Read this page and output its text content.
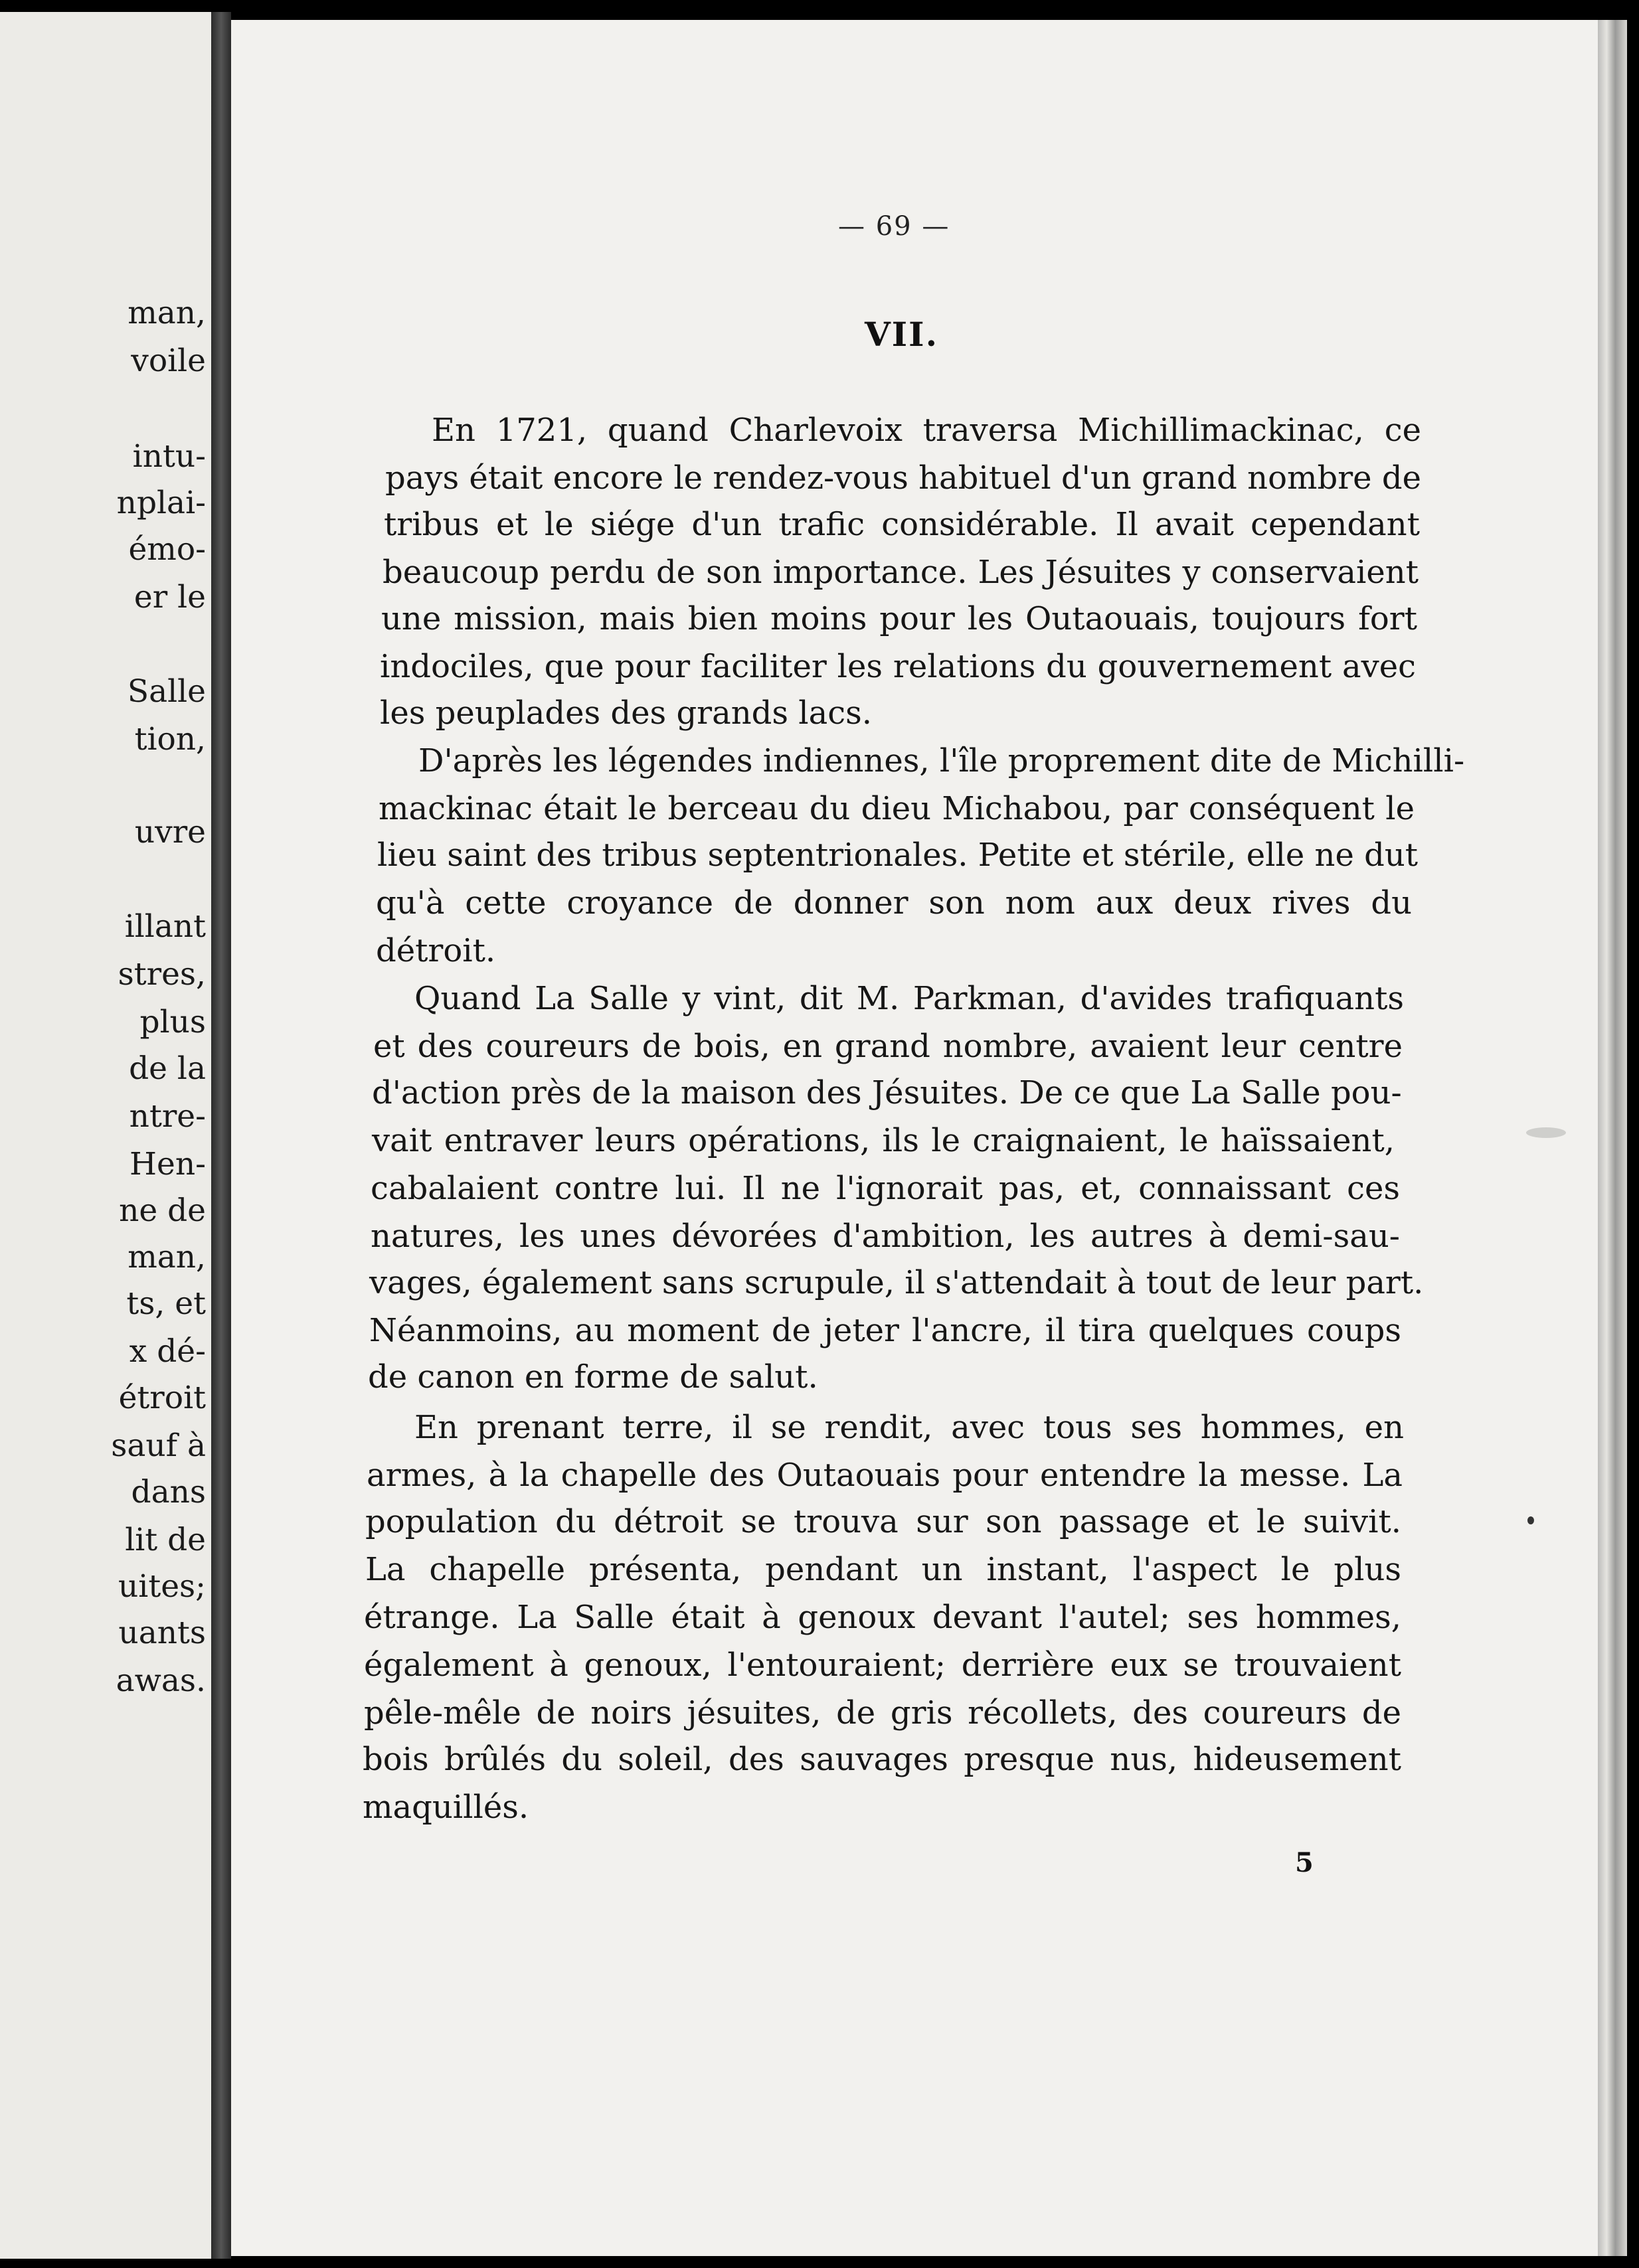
man,
voile
intu-
nplai-
émo-
er le
Salle
tion,
uvre
illant
stres,
plus
de la
ntre-
Hen-
ne de
man,
ts, et
x dé-
étroit
sauf à
dans
lit de
uites;
uants
awas.
— 69 —
VII.
En 1721, quand Charlevoix traversa Michillimackinac, ce
pays était encore le rendez-vous habituel d'un grand nombre de
tribus et le siége d'un trafic considérable. Il avait cependant
beaucoup perdu de son importance. Les Jésuites y conservaient
une mission, mais bien moins pour les Outaouais, toujours fort
indociles, que pour faciliter les relations du gouvernement avec
les peuplades des grands lacs.
D'après les légendes indiennes, l'île proprement dite de Michilli-
mackinac était le berceau du dieu Michabou, par conséquent le
lieu saint des tribus septentrionales. Petite et stérile, elle ne dut
qu'à cette croyance de donner son nom aux deux rives du
détroit.
Quand La Salle y vint, dit M. Parkman, d'avides trafiquants
et des coureurs de bois, en grand nombre, avaient leur centre
d'action près de la maison des Jésuites. De ce que La Salle pou-
vait entraver leurs opérations, ils le craignaient, le haïssaient,
cabalaient contre lui. Il ne l'ignorait pas, et, connaissant ces
natures, les unes dévorées d'ambition, les autres à demi-sau-
vages, également sans scrupule, il s'attendait à tout de leur part.
Néanmoins, au moment de jeter l'ancre, il tira quelques coups
de canon en forme de salut.
En prenant terre, il se rendit, avec tous ses hommes, en
armes, à la chapelle des Outaouais pour entendre la messe. La
population du détroit se trouva sur son passage et le suivit.
La chapelle présenta, pendant un instant, l'aspect le plus
étrange. La Salle était à genoux devant l'autel; ses hommes,
également à genoux, l'entouraient; derrière eux se trouvaient
pêle-mêle de noirs jésuites, de gris récollets, des coureurs de
bois brûlés du soleil, des sauvages presque nus, hideusement
maquillés.
5
